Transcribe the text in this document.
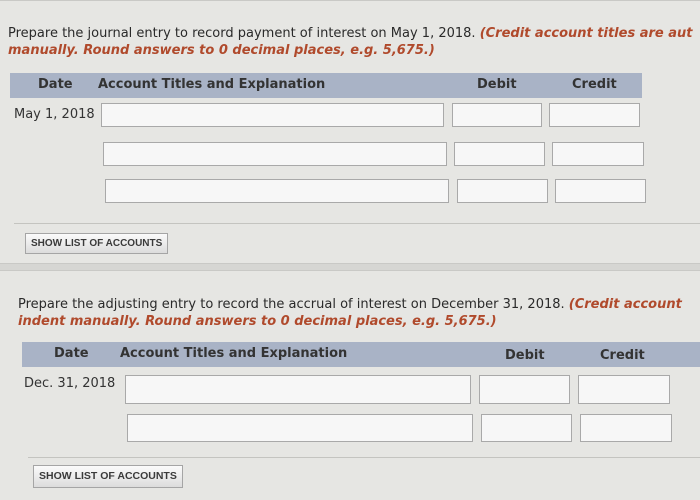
Prepare the journal entry to record payment of interest on May 1, 2018. (Credit account titles are aut
manually. Round answers to 0 decimal places, e.g. 5,675.)
Date Account Titles and Explanation	Debit	Credit
May 1, 2018
SHOW LIST OF ACCOUNTS
Prepare the adjusting entry to record the accrual of interest on December 31, 2018. (Credit account
indent manually. Round answers to 0 decimal places, e.g. 5,675.)
Date Account Titles and Explanation	Debit	Credit
Dec. 31, 2018
SHOW LIST OF ACCOUNTS
